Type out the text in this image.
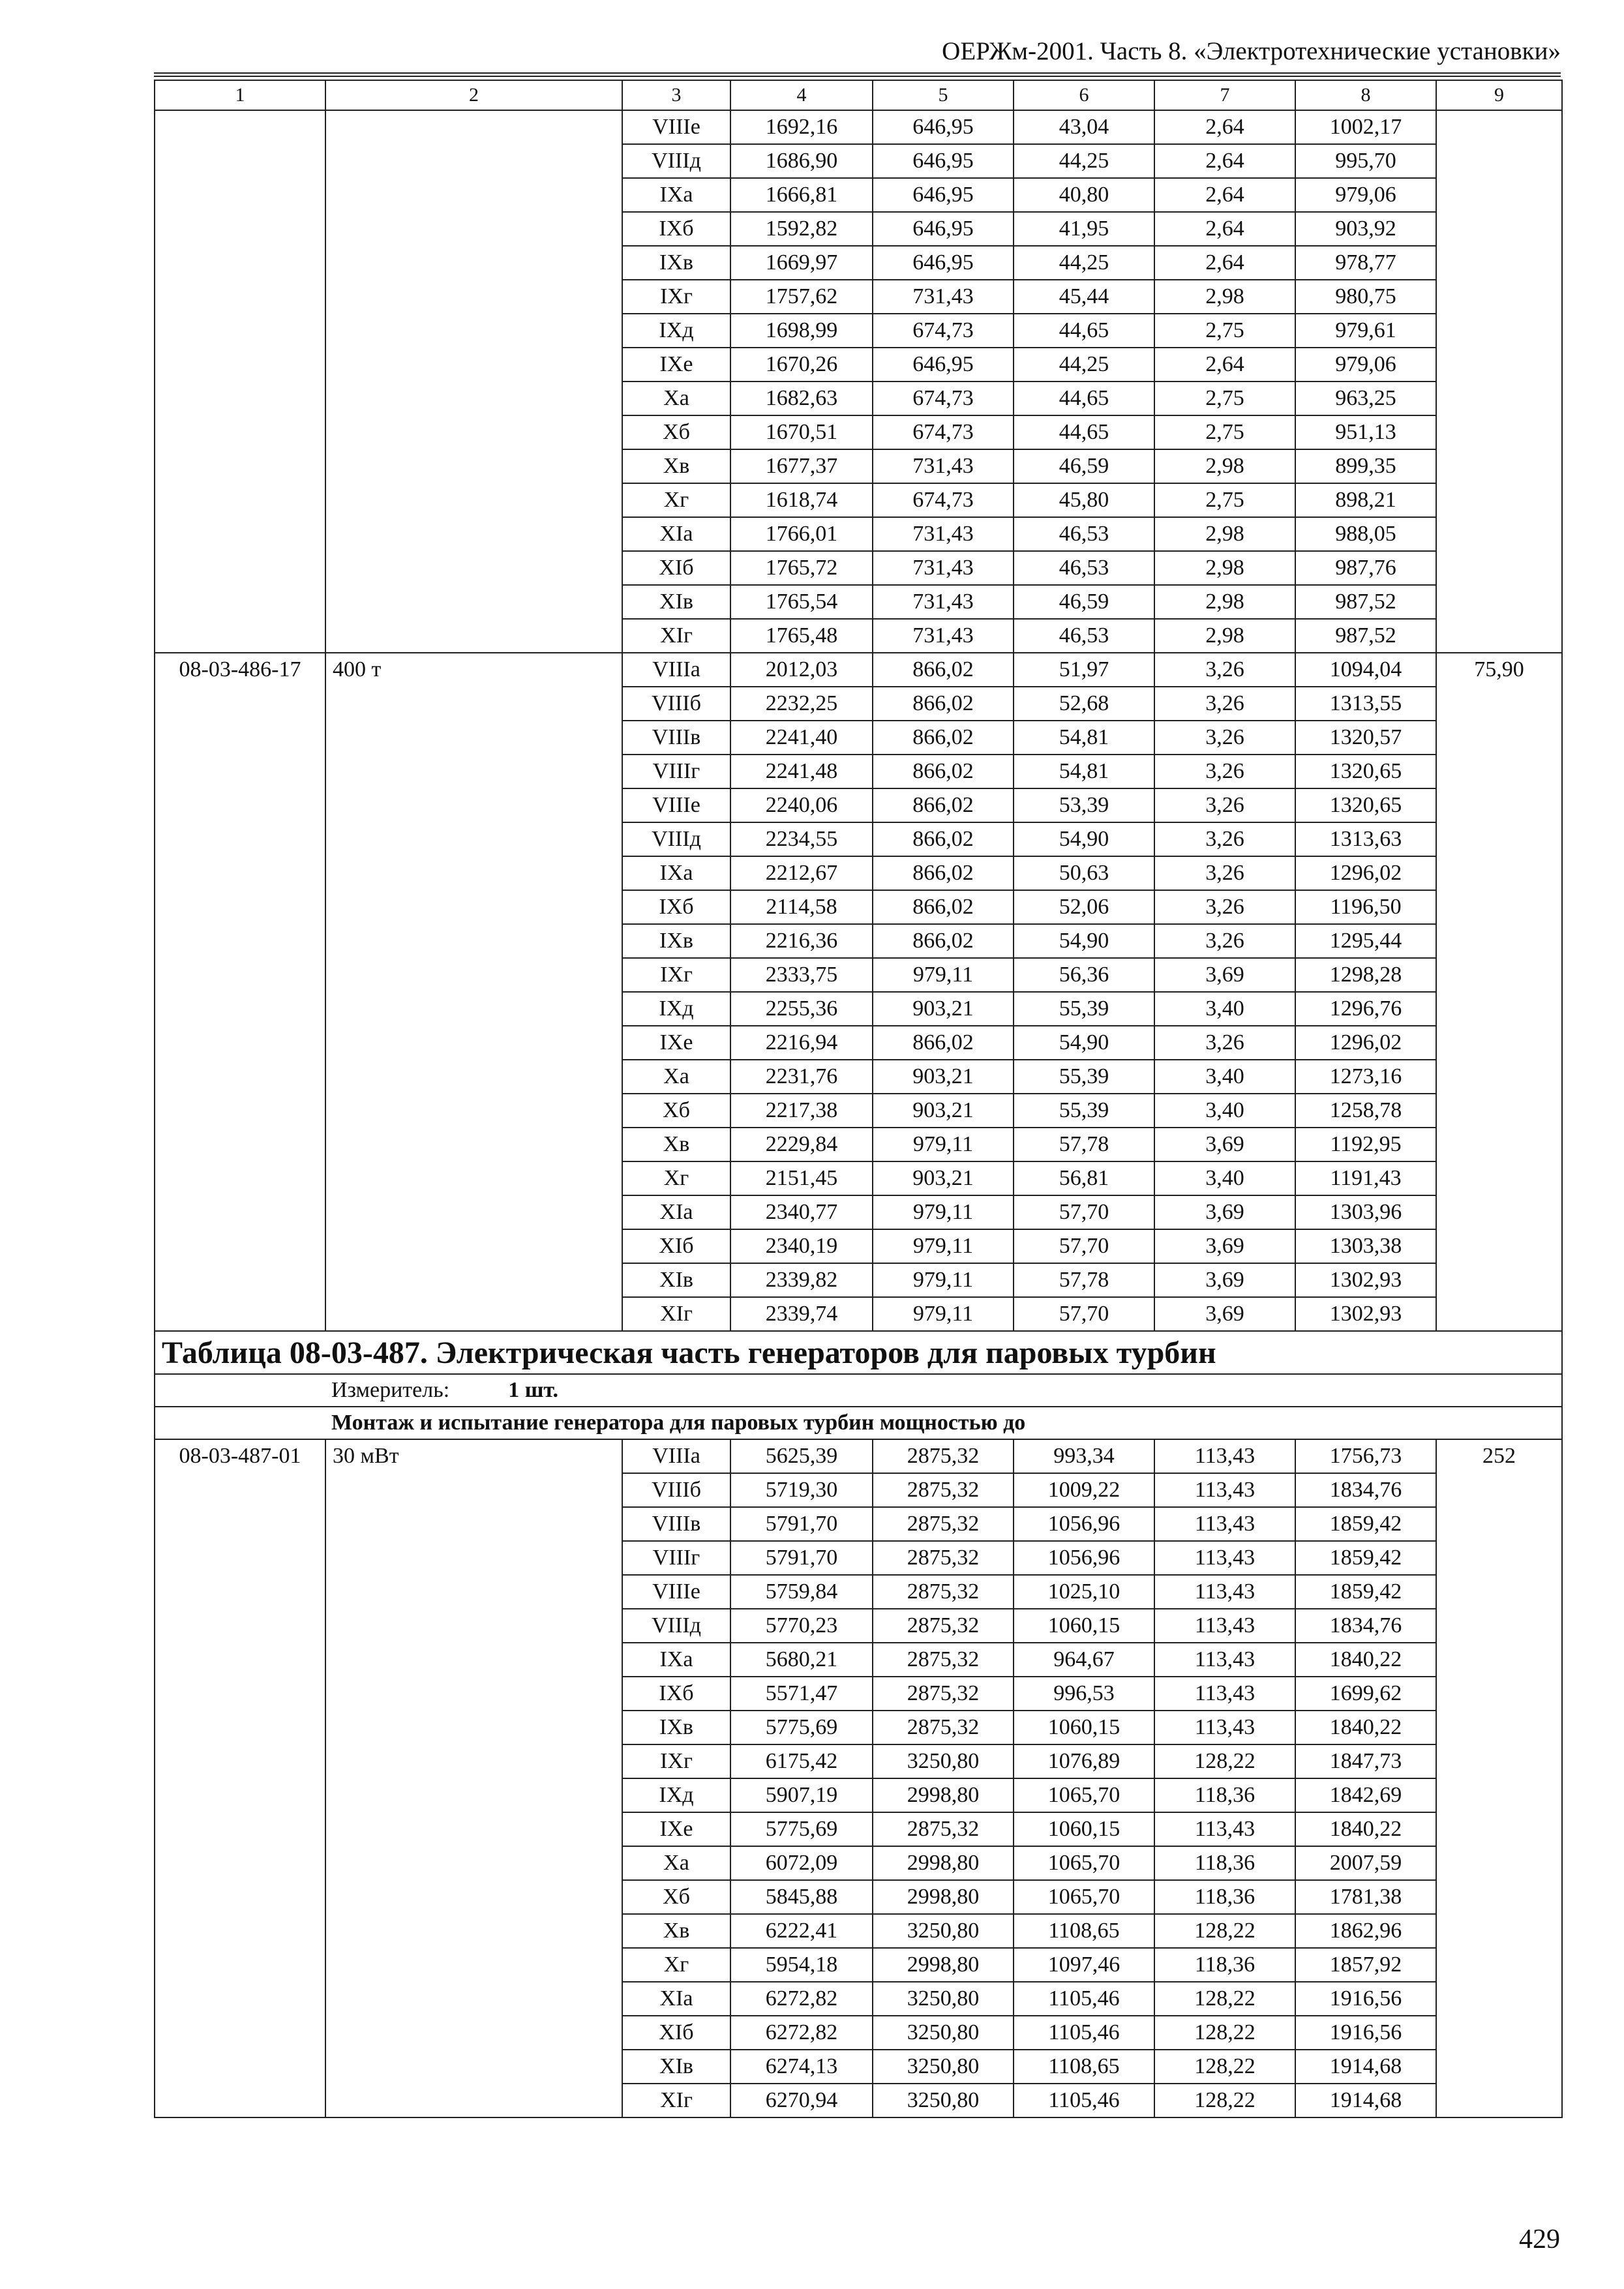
ОЕРЖм-2001. Часть 8. «Электротехнические установки»
1	2	3	4	5	6	7	8	9
		VIIIе	1692,16	646,95	43,04	2,64	1002,17	
		VIIIд	1686,90	646,95	44,25	2,64	995,70	
		IXа	1666,81	646,95	40,80	2,64	979,06	
		IXб	1592,82	646,95	41,95	2,64	903,92	
		IXв	1669,97	646,95	44,25	2,64	978,77	
		IXг	1757,62	731,43	45,44	2,98	980,75	
		IXд	1698,99	674,73	44,65	2,75	979,61	
		IXе	1670,26	646,95	44,25	2,64	979,06	
		Xа	1682,63	674,73	44,65	2,75	963,25	
		Xб	1670,51	674,73	44,65	2,75	951,13	
		Xв	1677,37	731,43	46,59	2,98	899,35	
		Xг	1618,74	674,73	45,80	2,75	898,21	
		XIа	1766,01	731,43	46,53	2,98	988,05	
		XIб	1765,72	731,43	46,53	2,98	987,76	
		XIв	1765,54	731,43	46,59	2,98	987,52	
		XIг	1765,48	731,43	46,53	2,98	987,52	
08-03-486-17	400 т	VIIIа	2012,03	866,02	51,97	3,26	1094,04	75,90
		VIIIб	2232,25	866,02	52,68	3,26	1313,55	
		VIIIв	2241,40	866,02	54,81	3,26	1320,57	
		VIIIг	2241,48	866,02	54,81	3,26	1320,65	
		VIIIе	2240,06	866,02	53,39	3,26	1320,65	
		VIIIд	2234,55	866,02	54,90	3,26	1313,63	
		IXа	2212,67	866,02	50,63	3,26	1296,02	
		IXб	2114,58	866,02	52,06	3,26	1196,50	
		IXв	2216,36	866,02	54,90	3,26	1295,44	
		IXг	2333,75	979,11	56,36	3,69	1298,28	
		IXд	2255,36	903,21	55,39	3,40	1296,76	
		IXе	2216,94	866,02	54,90	3,26	1296,02	
		Xа	2231,76	903,21	55,39	3,40	1273,16	
		Xб	2217,38	903,21	55,39	3,40	1258,78	
		Xв	2229,84	979,11	57,78	3,69	1192,95	
		Xг	2151,45	903,21	56,81	3,40	1191,43	
		XIа	2340,77	979,11	57,70	3,69	1303,96	
		XIб	2340,19	979,11	57,70	3,69	1303,38	
		XIв	2339,82	979,11	57,78	3,69	1302,93	
		XIг	2339,74	979,11	57,70	3,69	1302,93	
Таблица 08-03-487. Электрическая часть генераторов для паровых турбин								
Измеритель: 1 шт.								
Монтаж и испытание генератора для паровых турбин мощностью до								
08-03-487-01	30 мВт	VIIIа	5625,39	2875,32	993,34	113,43	1756,73	252
		VIIIб	5719,30	2875,32	1009,22	113,43	1834,76	
		VIIIв	5791,70	2875,32	1056,96	113,43	1859,42	
		VIIIг	5791,70	2875,32	1056,96	113,43	1859,42	
		VIIIе	5759,84	2875,32	1025,10	113,43	1859,42	
		VIIIд	5770,23	2875,32	1060,15	113,43	1834,76	
		IXа	5680,21	2875,32	964,67	113,43	1840,22	
		IXб	5571,47	2875,32	996,53	113,43	1699,62	
		IXв	5775,69	2875,32	1060,15	113,43	1840,22	
		IXг	6175,42	3250,80	1076,89	128,22	1847,73	
		IXд	5907,19	2998,80	1065,70	118,36	1842,69	
		IXе	5775,69	2875,32	1060,15	113,43	1840,22	
		Xа	6072,09	2998,80	1065,70	118,36	2007,59	
		Xб	5845,88	2998,80	1065,70	118,36	1781,38	
		Xв	6222,41	3250,80	1108,65	128,22	1862,96	
		Xг	5954,18	2998,80	1097,46	118,36	1857,92	
		XIа	6272,82	3250,80	1105,46	128,22	1916,56	
		XIб	6272,82	3250,80	1105,46	128,22	1916,56	
		XIв	6274,13	3250,80	1108,65	128,22	1914,68	
		XIг	6270,94	3250,80	1105,46	128,22	1914,68	
429
